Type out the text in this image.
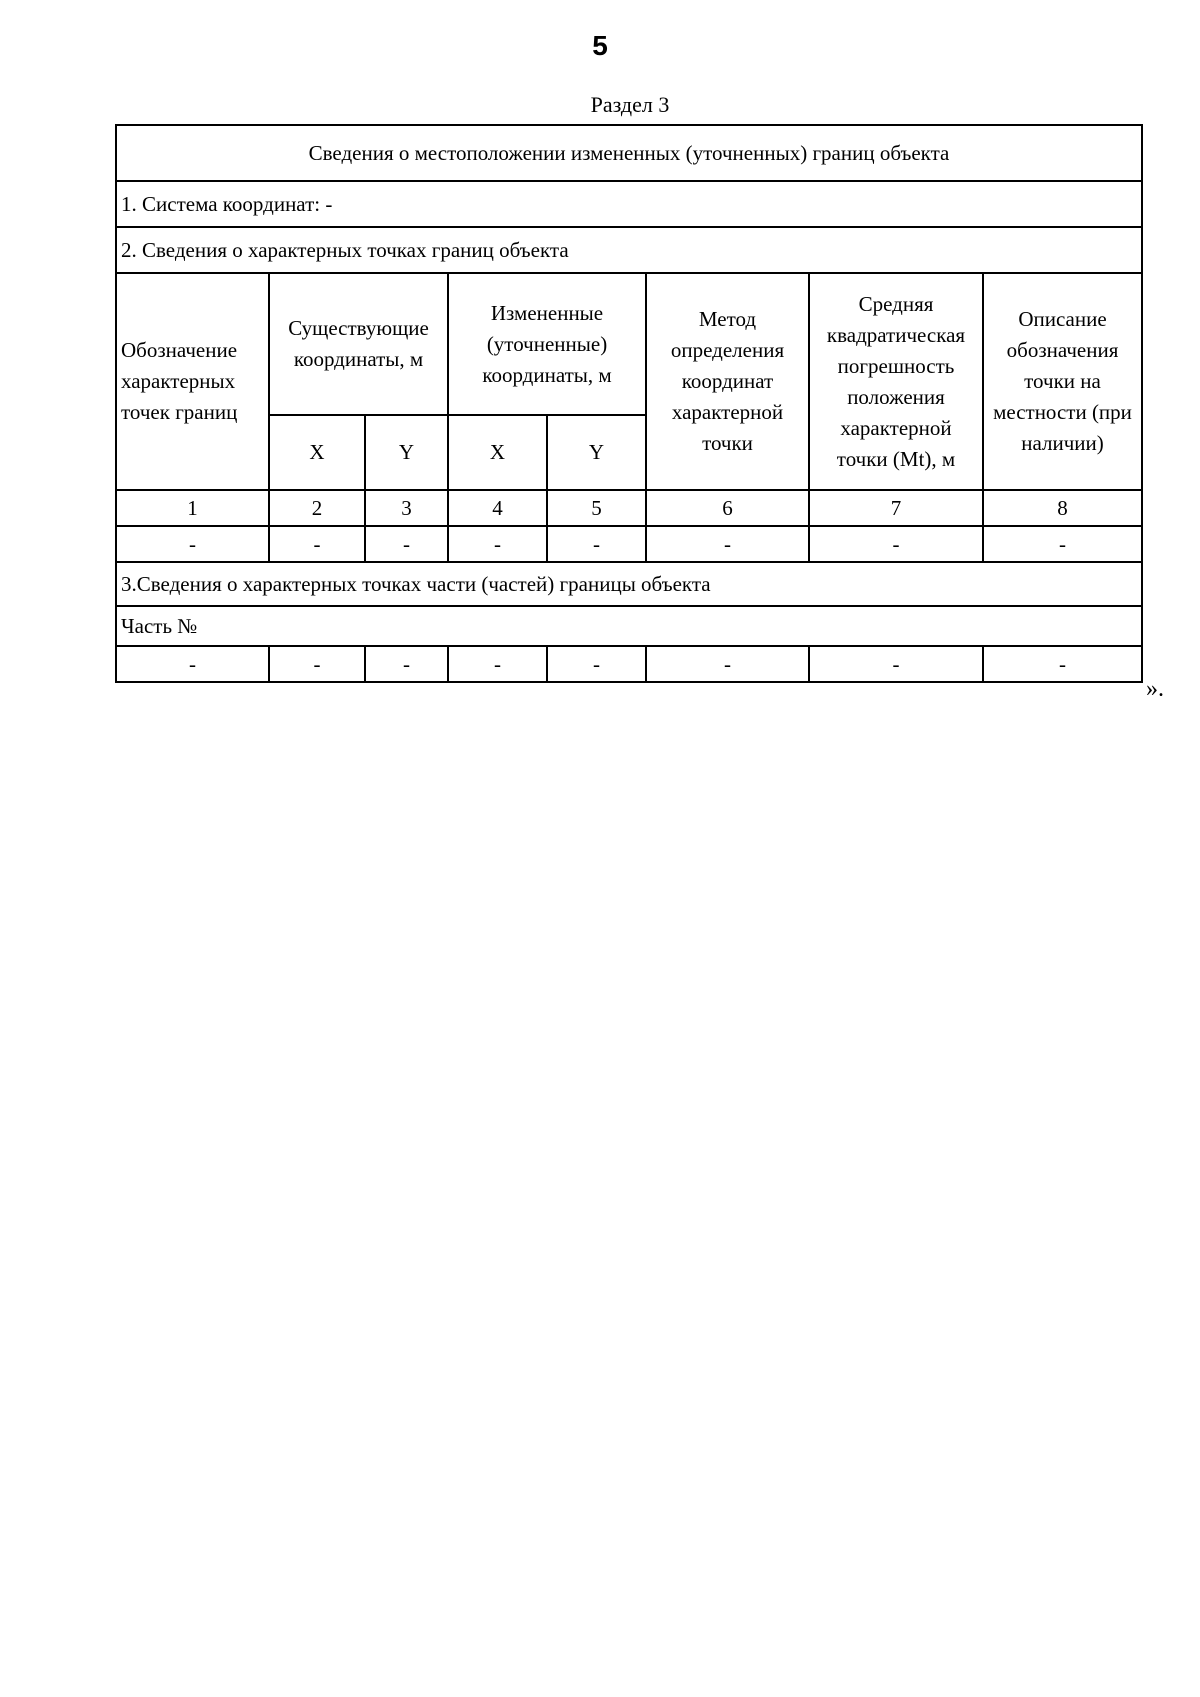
5
Раздел 3
Сведения о местоположении измененных (уточненных) границ объекта							
1. Система координат: -							
2. Сведения о характерных точках границ объекта							
Обозначение характерных точек границ	Существующие координаты, м		Измененные (уточненные) координаты, м		Метод определения координат характерной точки	Средняя квадратическая погрешность положения характерной точки (Mt), м	Описание обозначения точки на местности (при наличии)
	X	Y	X	Y			
1	2	3	4	5	6	7	8
-	-	-	-	-	-	-	-
3.Сведения о характерных точках части (частей) границы объекта							
Часть №							
-	-	-	-	-	-	-	-
».
